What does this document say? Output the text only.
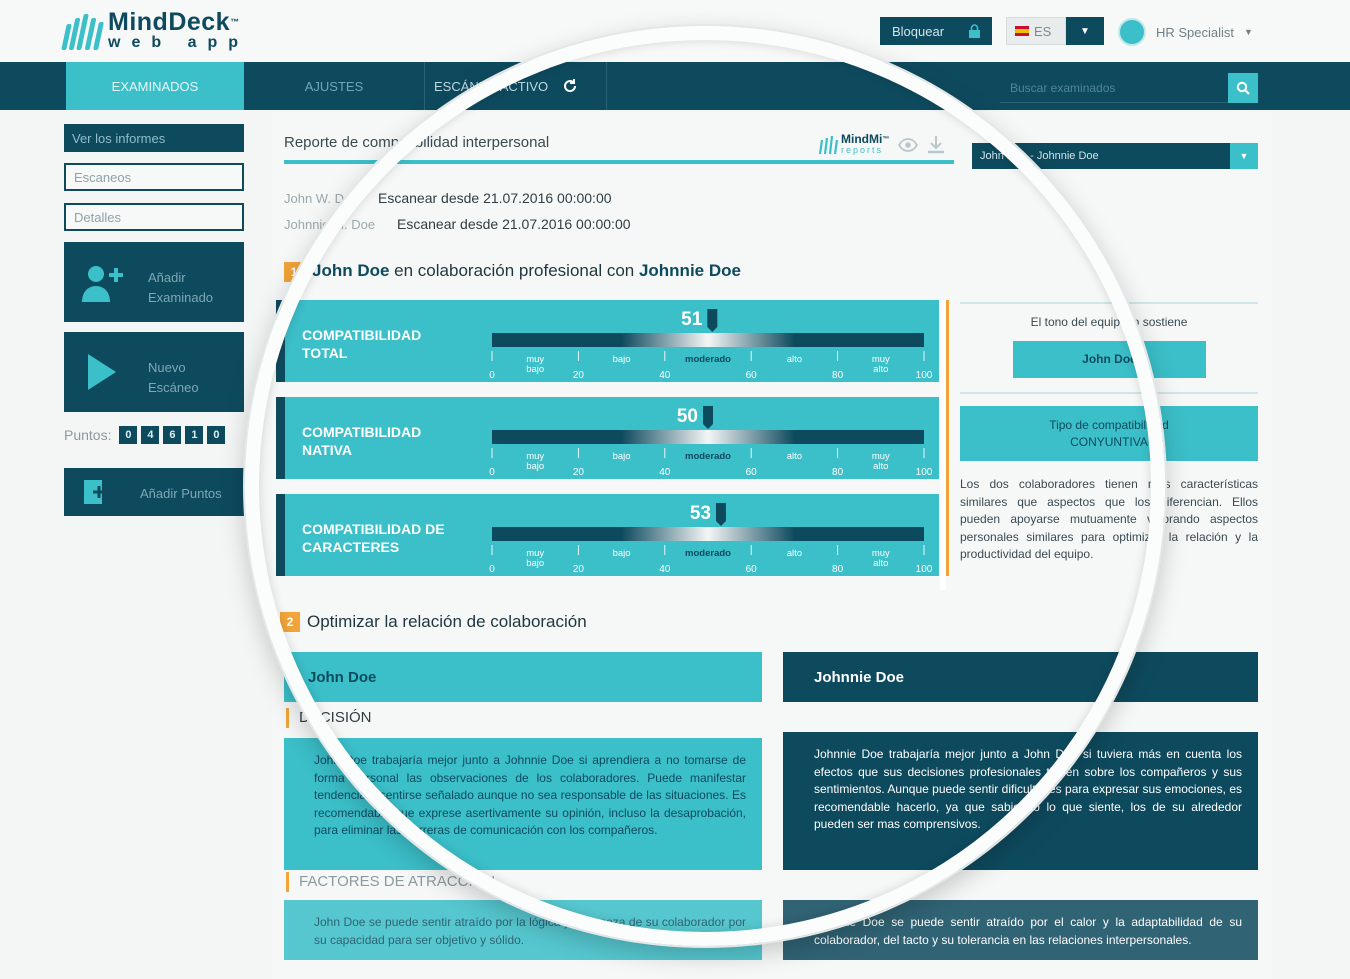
MindDeck™
web app
Bloquear	ES	▼	HR Specialist ▼
EXAMINADOS	AJUSTES	ESCÁNER ACTIVO	Buscar examinados
Ver los informes
Escaneos
Detalles
Añadir
Examinado
Nuevo
Escáneo
Puntos:	0	4	6	1	0
Añadir Puntos
Reporte de compatibilidad interpersonal	MindMi™
reports	John Doe - Johnnie Doe	▼
John W. Doe Escanear desde 21.07.2016 00:00:00
Johnnie M. Doe Escanear desde 21.07.2016 00:00:00
1 John Doe en colaboración profesional con Johnnie Doe
COMPATIBILIDAD
TOTAL
0	20	40	60	80	100
muy
bajo
bajo	moderado	alto	muy
alto
51
COMPATIBILIDAD
NATIVA
0	20	40	60	80	100
muy
bajo
bajo	moderado	alto	muy
alto
50
COMPATIBILIDAD DE
CARACTERES
0	20	40	60	80	100
muy
bajo
bajo	moderado	alto	muy
alto
53
El tono del equipo lo sostiene
John Doe
Tipo de compatibilidad
CONYUNTIVA
Los dos colaboradores tienen más características similares que aspectos que los diferencian. Ellos pueden apoyarse mutuamente valorando aspectos personales similares para optimizar la relación y la productividad del equipo.
2 Optimizar la relación de colaboración
John Doe	Johnnie Doe
DECISIÓN
John Doe trabajaría mejor junto a Johnnie Doe si aprendiera a no tomarse de forma personal las observaciones de los colaboradores. Puede manifestar tendencia a sentirse señalado aunque no sea responsable de las situaciones. Es recomendable que exprese asertivamente su opinión, incluso la desaprobación, para eliminar las barreras de comunicación con los compañeros.
Johnnie Doe trabajaría mejor junto a John Doe si tuviera más en cuenta los efectos que sus decisiones profesionales tienen sobre los compañeros y sus sentimientos. Aunque puede sentir dificultades para expresar sus emociones, es recomendable hacerlo, ya que sabiendo lo que siente, los de su alrededor pueden ser mas comprensivos.
FACTORES DE ATRACCIÓN
John Doe se puede sentir atraído por la lógica y la firmeza de su colaborador por su capacidad para ser objetivo y sólido.
Johnnie Doe se puede sentir atraído por el calor y la adaptabilidad de su colaborador, del tacto y su tolerancia en las relaciones interpersonales.
